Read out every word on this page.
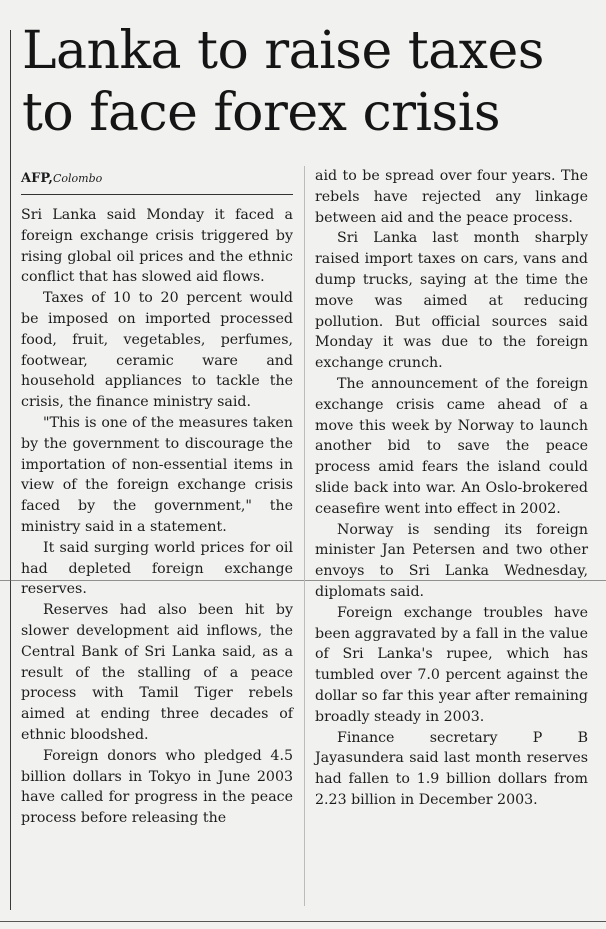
Lanka to raise taxes to face forex crisis
AFP,Colombo

Sri Lanka said Monday it faced a foreign exchange crisis triggered by rising global oil prices and the ethnic conflict that has slowed aid flows.

Taxes of 10 to 20 percent would be imposed on imported processed food, fruit, vegetables, perfumes, footwear, ceramic ware and household appliances to tackle the crisis, the finance ministry said.

"This is one of the measures taken by the government to discourage the importation of non-essential items in view of the foreign exchange crisis faced by the government," the ministry said in a statement.

It said surging world prices for oil had depleted foreign exchange reserves.

Reserves had also been hit by slower development aid inflows, the Central Bank of Sri Lanka said, as a result of the stalling of a peace process with Tamil Tiger rebels aimed at ending three decades of ethnic bloodshed.

Foreign donors who pledged 4.5 billion dollars in Tokyo in June 2003 have called for progress in the peace process before releasing the

aid to be spread over four years. The rebels have rejected any linkage between aid and the peace process.

Sri Lanka last month sharply raised import taxes on cars, vans and dump trucks, saying at the time the move was aimed at reducing pollution. But official sources said Monday it was due to the foreign exchange crunch.

The announcement of the foreign exchange crisis came ahead of a move this week by Norway to launch another bid to save the peace process amid fears the island could slide back into war. An Oslo-brokered ceasefire went into effect in 2002.

Norway is sending its foreign minister Jan Petersen and two other envoys to Sri Lanka Wednesday, diplomats said.

Foreign exchange troubles have been aggravated by a fall in the value of Sri Lanka's rupee, which has tumbled over 7.0 percent against the dollar so far this year after remaining broadly steady in 2003.

Finance secretary P B Jayasundera said last month reserves had fallen to 1.9 billion dollars from 2.23 billion in December 2003.
